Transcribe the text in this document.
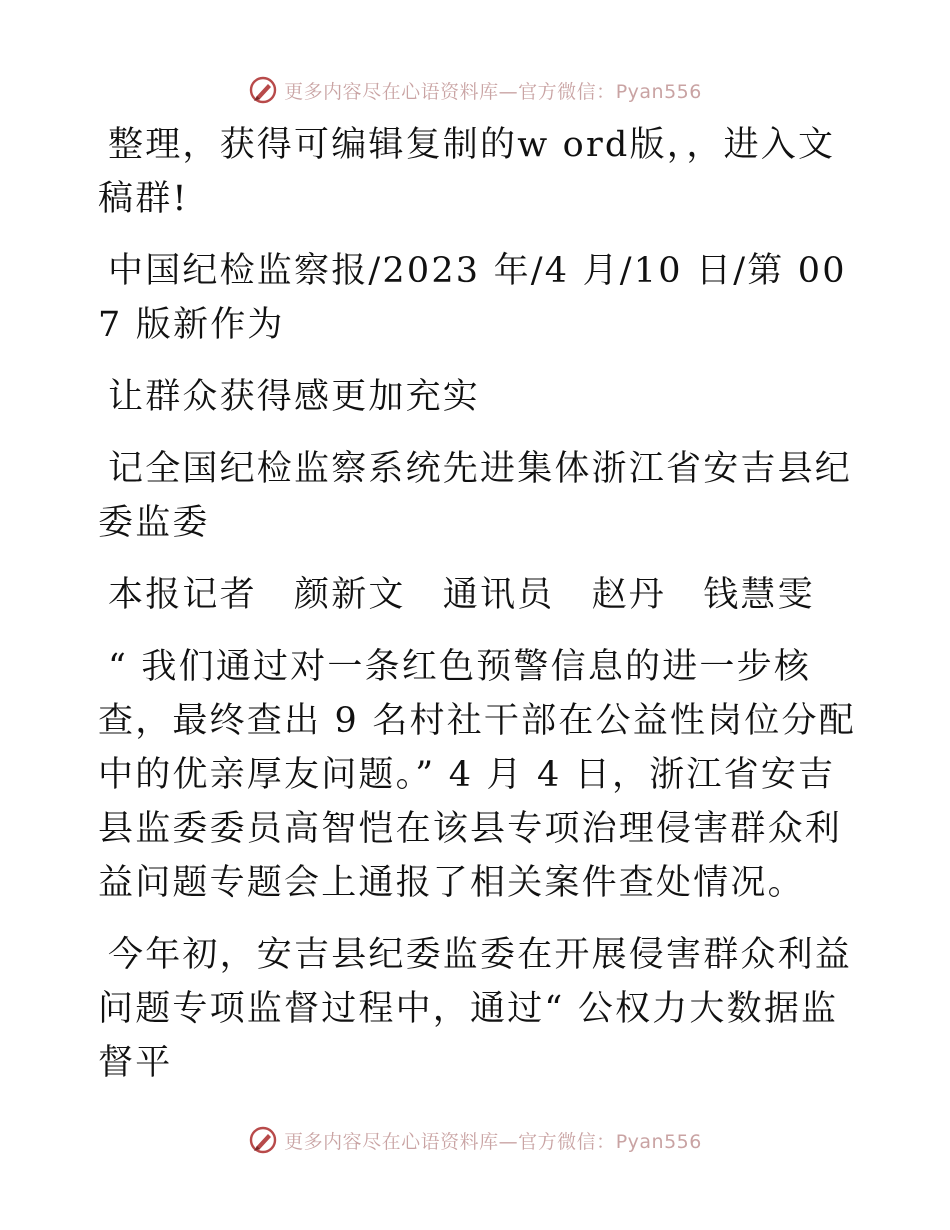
更多内容尽在心语资料库—官方微信：Pyan556

整理，获得可编辑复制的w ord版，，进入文稿群!

中国纪检监察报/2023 年/4 月/10 日/第 007 版新作为

让群众获得感更加充实

记全国纪检监察系统先进集体浙江省安吉县纪委监委

本报记者　颜新文　通讯员　赵丹　钱慧雯

“ 我们通过对一条红色预警信息的进一步核查，最终查出 9 名村社干部在公益性岗位分配中的优亲厚友问题。” 4 月 4 日，浙江省安吉县监委委员高智恺在该县专项治理侵害群众利益问题专题会上通报了相关案件查处情况。

今年初，安吉县纪委监委在开展侵害群众利益问题专项监督过程中，通过“ 公权力大数据监督平

更多内容尽在心语资料库—官方微信：Pyan556
